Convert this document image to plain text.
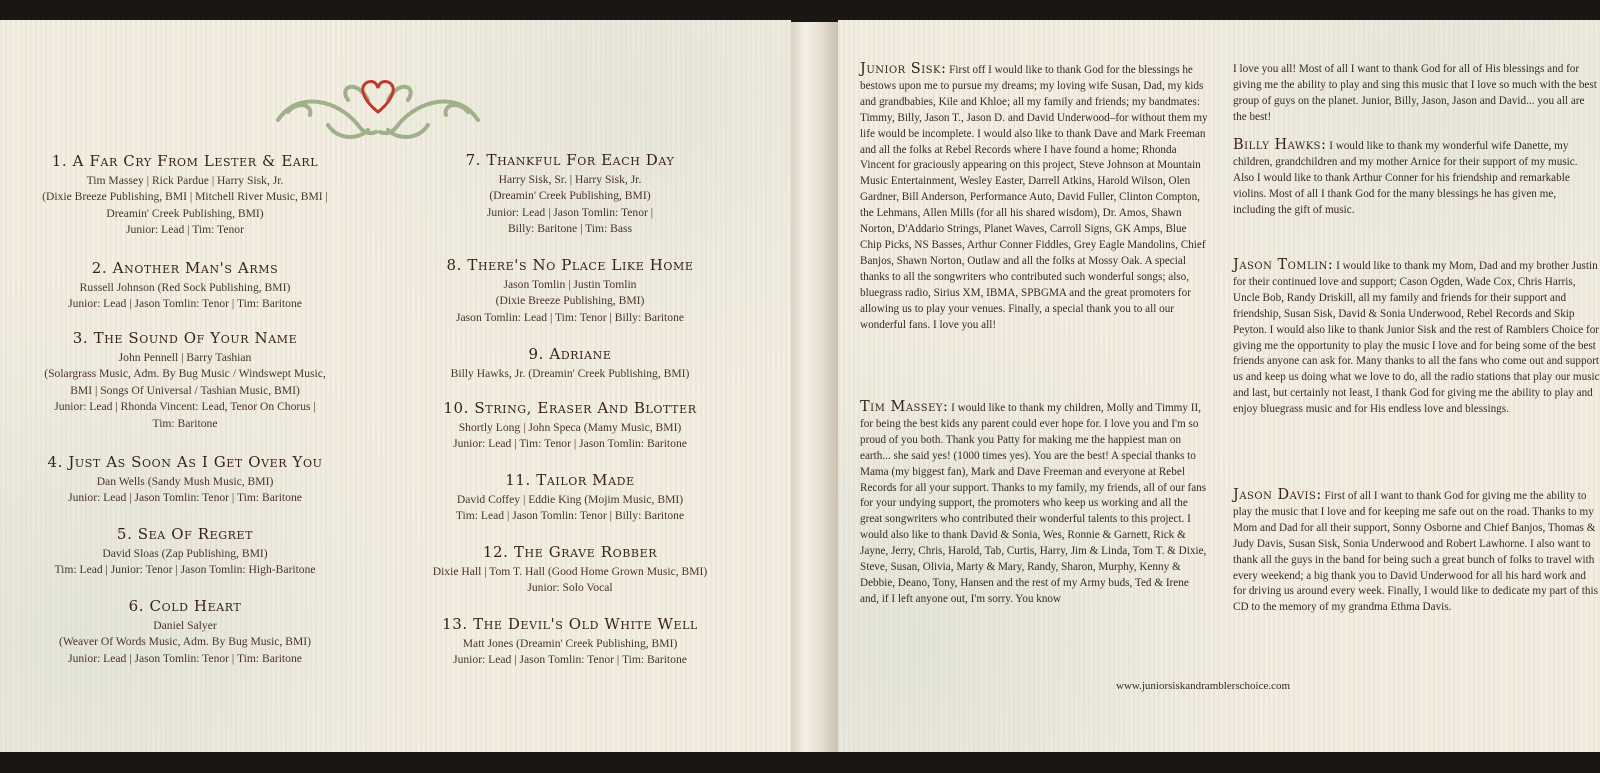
1. A Far Cry From Lester & Earl
Tim Massey | Rick Pardue | Harry Sisk, Jr.
(Dixie Breeze Publishing, BMI | Mitchell River Music, BMI |
Dreamin' Creek Publishing, BMI)
Junior: Lead | Tim: Tenor
2. Another Man's Arms
Russell Johnson (Red Sock Publishing, BMI)
Junior: Lead | Jason Tomlin: Tenor | Tim: Baritone
3. The Sound Of Your Name
John Pennell | Barry Tashian
(Solargrass Music, Adm. By Bug Music / Windswept Music,
BMI | Songs Of Universal / Tashian Music, BMI)
Junior: Lead | Rhonda Vincent: Lead, Tenor On Chorus |
Tim: Baritone
4. Just As Soon As I Get Over You
Dan Wells (Sandy Mush Music, BMI)
Junior: Lead | Jason Tomlin: Tenor | Tim: Baritone
5. Sea Of Regret
David Sloas (Zap Publishing, BMI)
Tim: Lead | Junior: Tenor | Jason Tomlin: High-Baritone
6. Cold Heart
Daniel Salyer
(Weaver Of Words Music, Adm. By Bug Music, BMI)
Junior: Lead | Jason Tomlin: Tenor | Tim: Baritone
7. Thankful For Each Day
Harry Sisk, Sr. | Harry Sisk, Jr.
(Dreamin' Creek Publishing, BMI)
Junior: Lead | Jason Tomlin: Tenor |
Billy: Baritone | Tim: Bass
8. There's No Place Like Home
Jason Tomlin | Justin Tomlin
(Dixie Breeze Publishing, BMI)
Jason Tomlin: Lead | Tim: Tenor | Billy: Baritone
9. Adriane
Billy Hawks, Jr. (Dreamin' Creek Publishing, BMI)
10. String, Eraser And Blotter
Shortly Long | John Speca (Mamy Music, BMI)
Junior: Lead | Tim: Tenor | Jason Tomlin: Baritone
11. Tailor Made
David Coffey | Eddie King (Mojim Music, BMI)
Tim: Lead | Jason Tomlin: Tenor | Billy: Baritone
12. The Grave Robber
Dixie Hall | Tom T. Hall (Good Home Grown Music, BMI)
Junior: Solo Vocal
13. The Devil's Old White Well
Matt Jones (Dreamin' Creek Publishing, BMI)
Junior: Lead | Jason Tomlin: Tenor | Tim: Baritone
Junior Sisk: First off I would like to thank God for the blessings he bestows upon me to pursue my dreams; my loving wife Susan, Dad, my kids and grandbabies, Kile and Khloe; all my family and friends; my bandmates: Timmy, Billy, Jason T., Jason D. and David Underwood–for without them my life would be incomplete. I would also like to thank Dave and Mark Freeman and all the folks at Rebel Records where I have found a home; Rhonda Vincent for graciously appearing on this project, Steve Johnson at Mountain Music Entertainment, Wesley Easter, Darrell Atkins, Harold Wilson, Olen Gardner, Bill Anderson, Performance Auto, David Fuller, Clinton Compton, the Lehmans, Allen Mills (for all his shared wisdom), Dr. Amos, Shawn Norton, D'Addario Strings, Planet Waves, Carroll Signs, GK Amps, Blue Chip Picks, NS Basses, Arthur Conner Fiddles, Grey Eagle Mandolins, Chief Banjos, Shawn Norton, Outlaw and all the folks at Mossy Oak. A special thanks to all the songwriters who contributed such wonderful songs; also, bluegrass radio, Sirius XM, IBMA, SPBGMA and the great promoters for allowing us to play your venues. Finally, a special thank you to all our wonderful fans. I love you all!
Tim Massey: I would like to thank my children, Molly and Timmy II, for being the best kids any parent could ever hope for. I love you and I'm so proud of you both. Thank you Patty for making me the happiest man on earth... she said yes! (1000 times yes). You are the best! A special thanks to Mama (my biggest fan), Mark and Dave Freeman and everyone at Rebel Records for all your support. Thanks to my family, my friends, all of our fans for your undying support, the promoters who keep us working and all the great songwriters who contributed their wonderful talents to this project. I would also like to thank David & Sonia, Wes, Ronnie & Garnett, Rick & Jayne, Jerry, Chris, Harold, Tab, Curtis, Harry, Jim & Linda, Tom T. & Dixie, Steve, Susan, Olivia, Marty & Mary, Randy, Sharon, Murphy, Kenny & Debbie, Deano, Tony, Hansen and the rest of my Army buds, Ted & Irene and, if I left anyone out, I'm sorry. You know
I love you all! Most of all I want to thank God for all of His blessings and for giving me the ability to play and sing this music that I love so much with the best group of guys on the planet. Junior, Billy, Jason, Jason and David... you all are the best!
Billy Hawks: I would like to thank my wonderful wife Danette, my children, grandchildren and my mother Arnice for their support of my music. Also I would like to thank Arthur Conner for his friendship and remarkable violins. Most of all I thank God for the many blessings he has given me, including the gift of music.
Jason Tomlin: I would like to thank my Mom, Dad and my brother Justin for their continued love and support; Cason Ogden, Wade Cox, Chris Harris, Uncle Bob, Randy Driskill, all my family and friends for their support and friendship, Susan Sisk, David & Sonia Underwood, Rebel Records and Skip Peyton. I would also like to thank Junior Sisk and the rest of Ramblers Choice for giving me the opportunity to play the music I love and for being some of the best friends anyone can ask for. Many thanks to all the fans who come out and support us and keep us doing what we love to do, all the radio stations that play our music and last, but certainly not least, I thank God for giving me the ability to play and enjoy bluegrass music and for His endless love and blessings.
Jason Davis: First of all I want to thank God for giving me the ability to play the music that I love and for keeping me safe out on the road. Thanks to my Mom and Dad for all their support, Sonny Osborne and Chief Banjos, Thomas & Judy Davis, Susan Sisk, Sonia Underwood and Robert Lawhorne. I also want to thank all the guys in the band for being such a great bunch of folks to travel with every weekend; a big thank you to David Underwood for all his hard work and for driving us around every week. Finally, I would like to dedicate my part of this CD to the memory of my grandma Ethma Davis.
www.juniorsiskandramblerschoice.com
